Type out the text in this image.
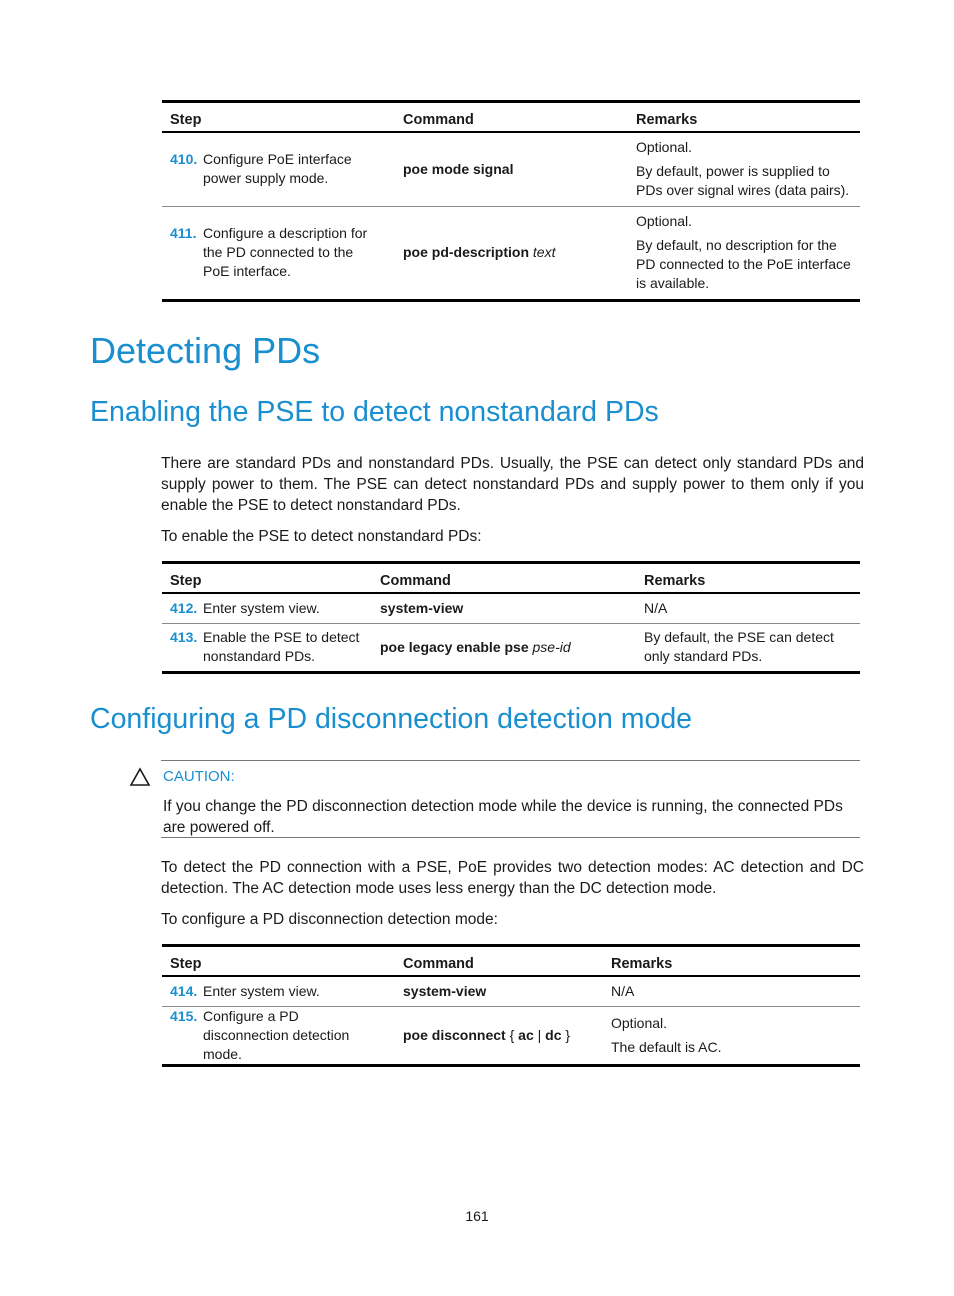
Step	Command	Remarks
410. Configure PoE interface power supply mode.	poe mode signal	Optional.

By default, power is supplied to PDs over signal wires (data pairs).

411. Configure a description for the PD connected to the PoE interface.	poe pd-description text	Optional.

By default, no description for the PD connected to the PoE interface is available.

Detecting PDs
Enabling the PSE to detect nonstandard PDs

There are standard PDs and nonstandard PDs. Usually, the PSE can detect only standard PDs and supply power to them. The PSE can detect nonstandard PDs and supply power to them only if you enable the PSE to detect nonstandard PDs.

To enable the PSE to detect nonstandard PDs:

Step	Command	Remarks
412. Enter system view.	system-view	N/A

413. Enable the PSE to detect nonstandard PDs.	poe legacy enable pse pse-id	By default, the PSE can detect only standard PDs.

Configuring a PD disconnection detection mode
CAUTION:

If you change the PD disconnection detection mode while the device is running, the connected PDs are powered off.

To detect the PD connection with a PSE, PoE provides two detection modes: AC detection and DC detection. The AC detection mode uses less energy than the DC detection mode.

To configure a PD disconnection detection mode:

Step	Command	Remarks
414. Enter system view.	system-view	N/A

415. Configure a PD disconnection detection mode.	poe disconnect { ac | dc }	Optional.

The default is AC.

161
